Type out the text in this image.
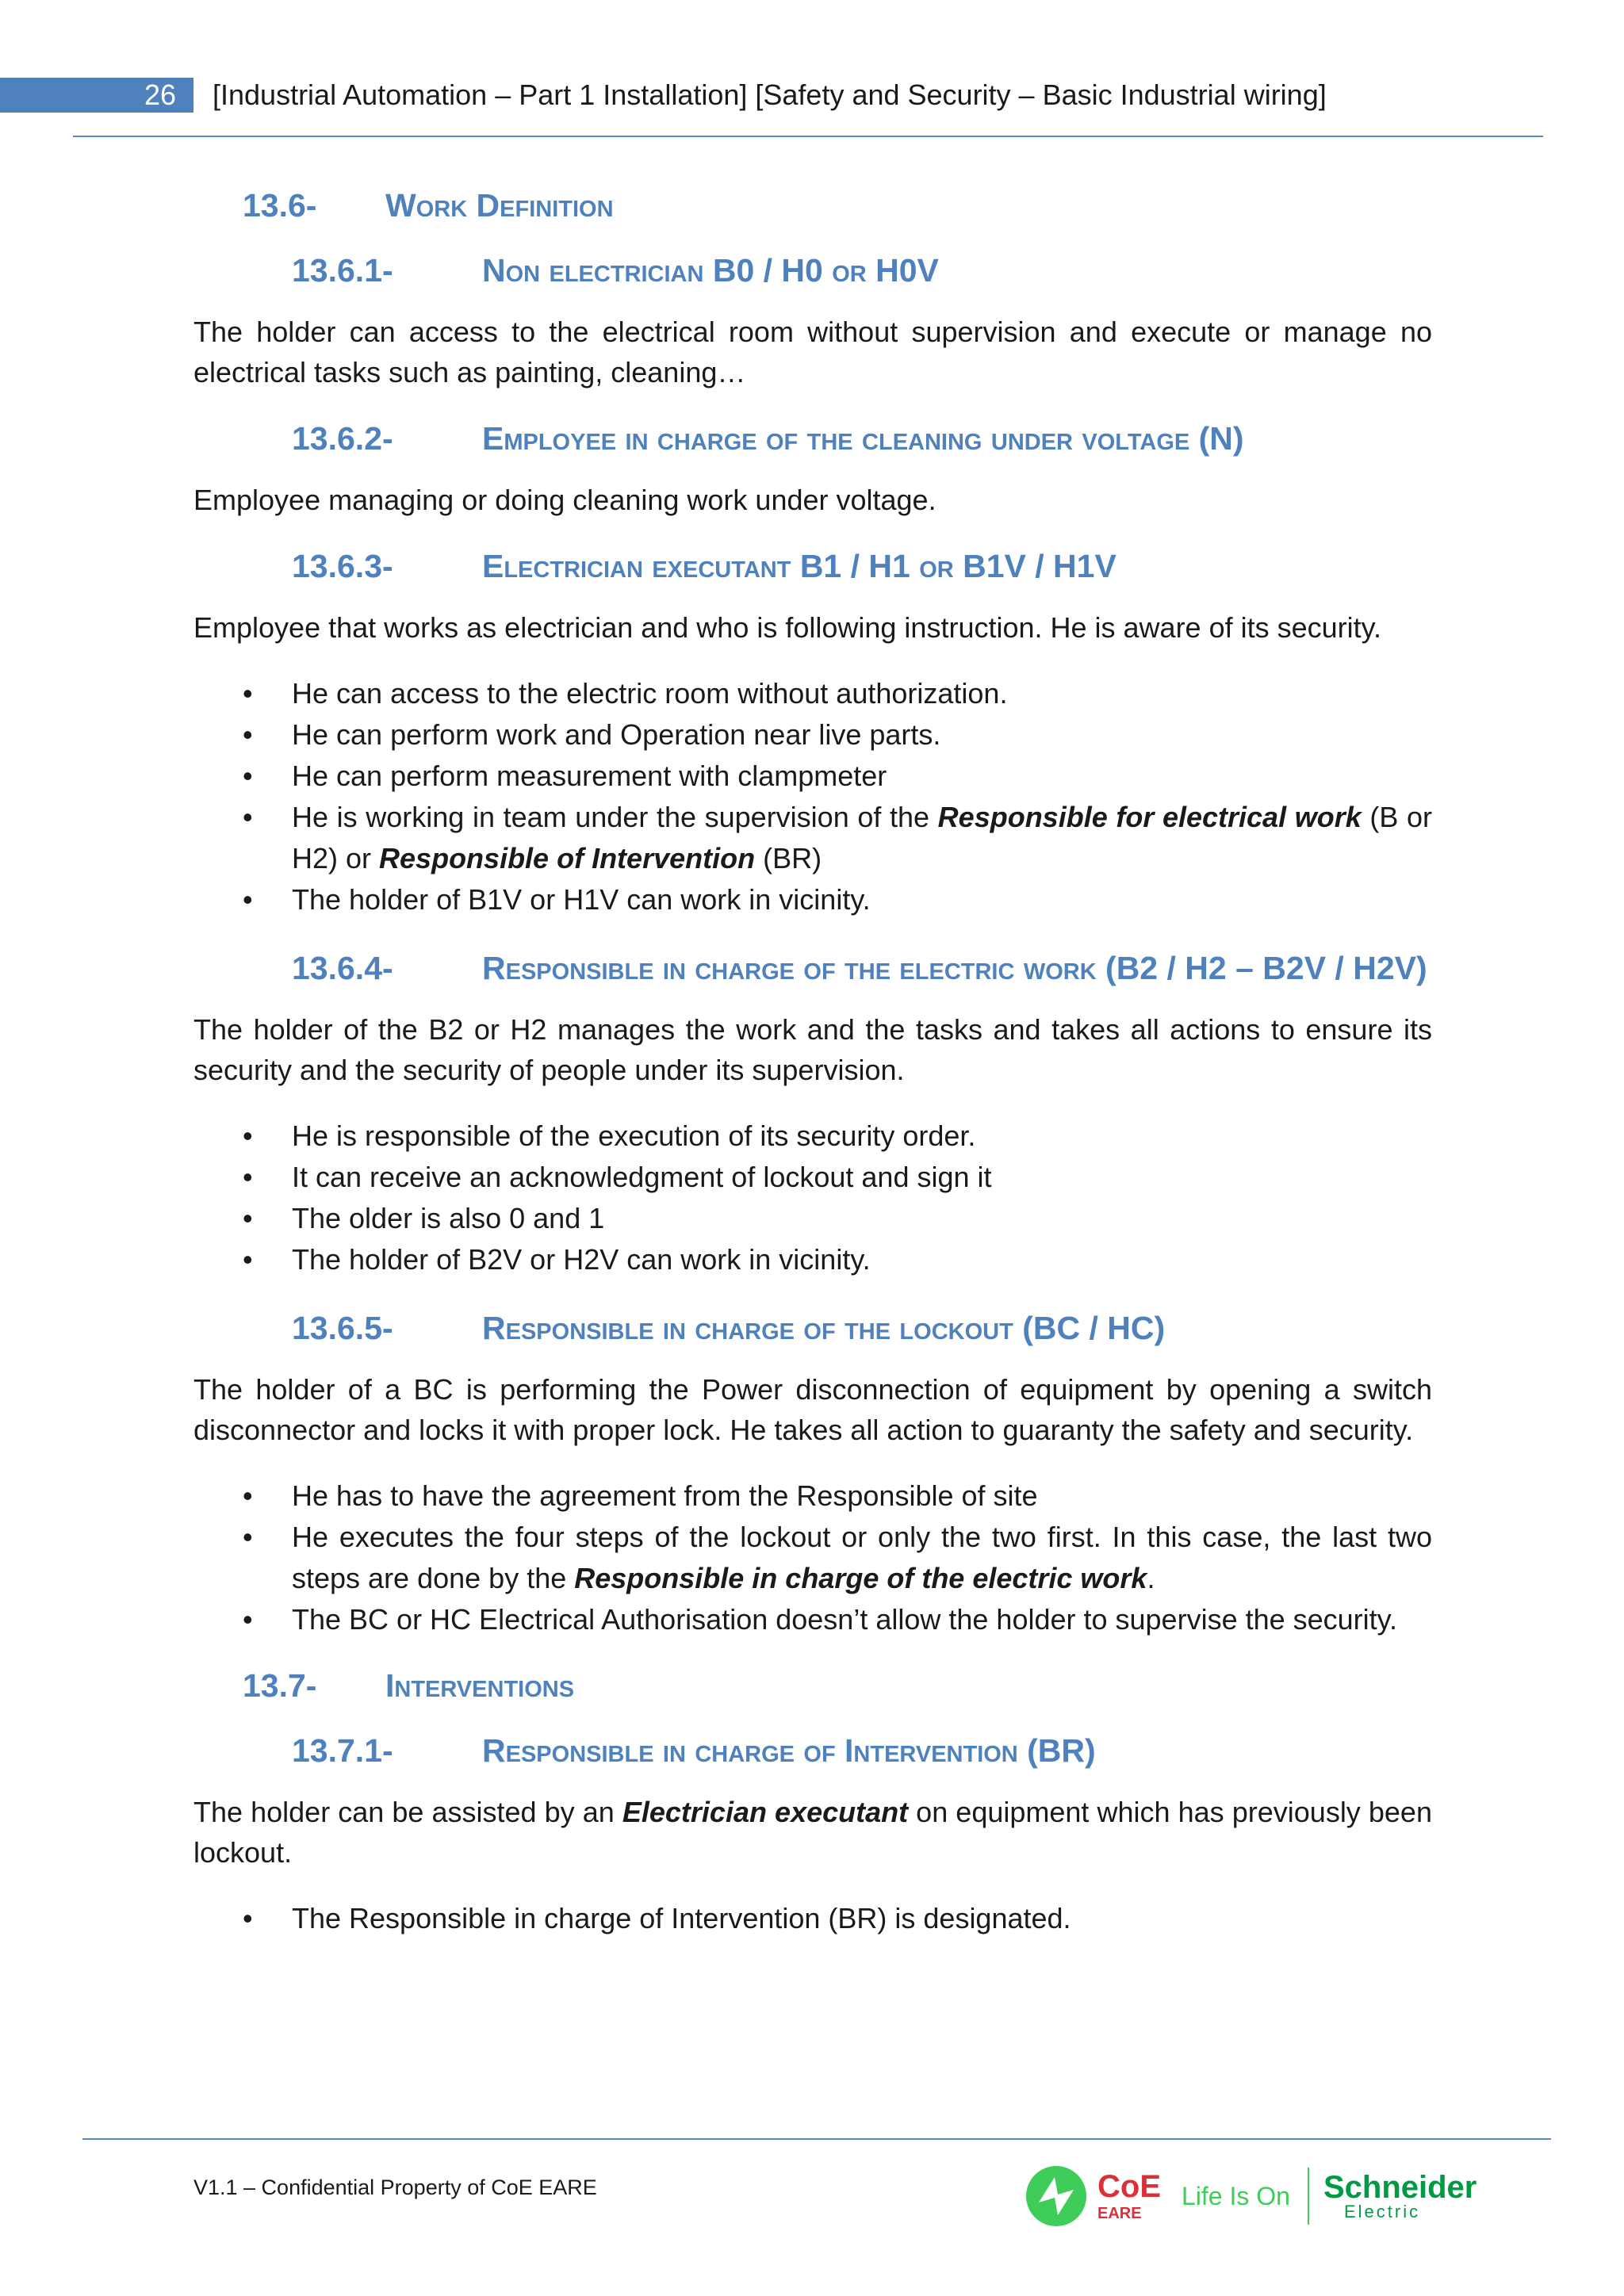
26 [Industrial Automation – Part 1 Installation] [Safety and Security – Basic Industrial wiring]
13.6-	Work Definition
13.6.1-	Non electrician B0 / H0 or H0V

The holder can access to the electrical room without supervision and execute or manage no electrical tasks such as painting, cleaning…

13.6.2-	Employee in charge of the cleaning under voltage (N)

Employee managing or doing cleaning work under voltage.

13.6.3-	Electrician executant B1 / H1 or B1V / H1V

Employee that works as electrician and who is following instruction. He is aware of its security.

• He can access to the electric room without authorization.
• He can perform work and Operation near live parts.
• He can perform measurement with clampmeter
• He is working in team under the supervision of the Responsible for electrical work (B or H2) or Responsible of Intervention (BR)
• The holder of B1V or H1V can work in vicinity.
13.6.4-	Responsible in charge of the electric work (B2 / H2 – B2V / H2V)

The holder of the B2 or H2 manages the work and the tasks and takes all actions to ensure its security and the security of people under its supervision.

• He is responsible of the execution of its security order.
• It can receive an acknowledgment of lockout and sign it
• The older is also 0 and 1
• The holder of B2V or H2V can work in vicinity.
13.6.5-	Responsible in charge of the lockout (BC / HC)

The holder of a BC is performing the Power disconnection of equipment by opening a switch disconnector and locks it with proper lock. He takes all action to guaranty the safety and security.

• He has to have the agreement from the Responsible of site
• He executes the four steps of the lockout or only the two first. In this case, the last two steps are done by the Responsible in charge of the electric work.
• The BC or HC Electrical Authorisation doesn’t allow the holder to supervise the security.
13.7-	Interventions
13.7.1-	Responsible in charge of Intervention (BR)

The holder can be assisted by an Electrician executant on equipment which has previously been lockout.

• The Responsible in charge of Intervention (BR) is designated.
V1.1 – Confidential Property of CoE EARE	CoE
EARE
Life Is On Schneider
Electric
